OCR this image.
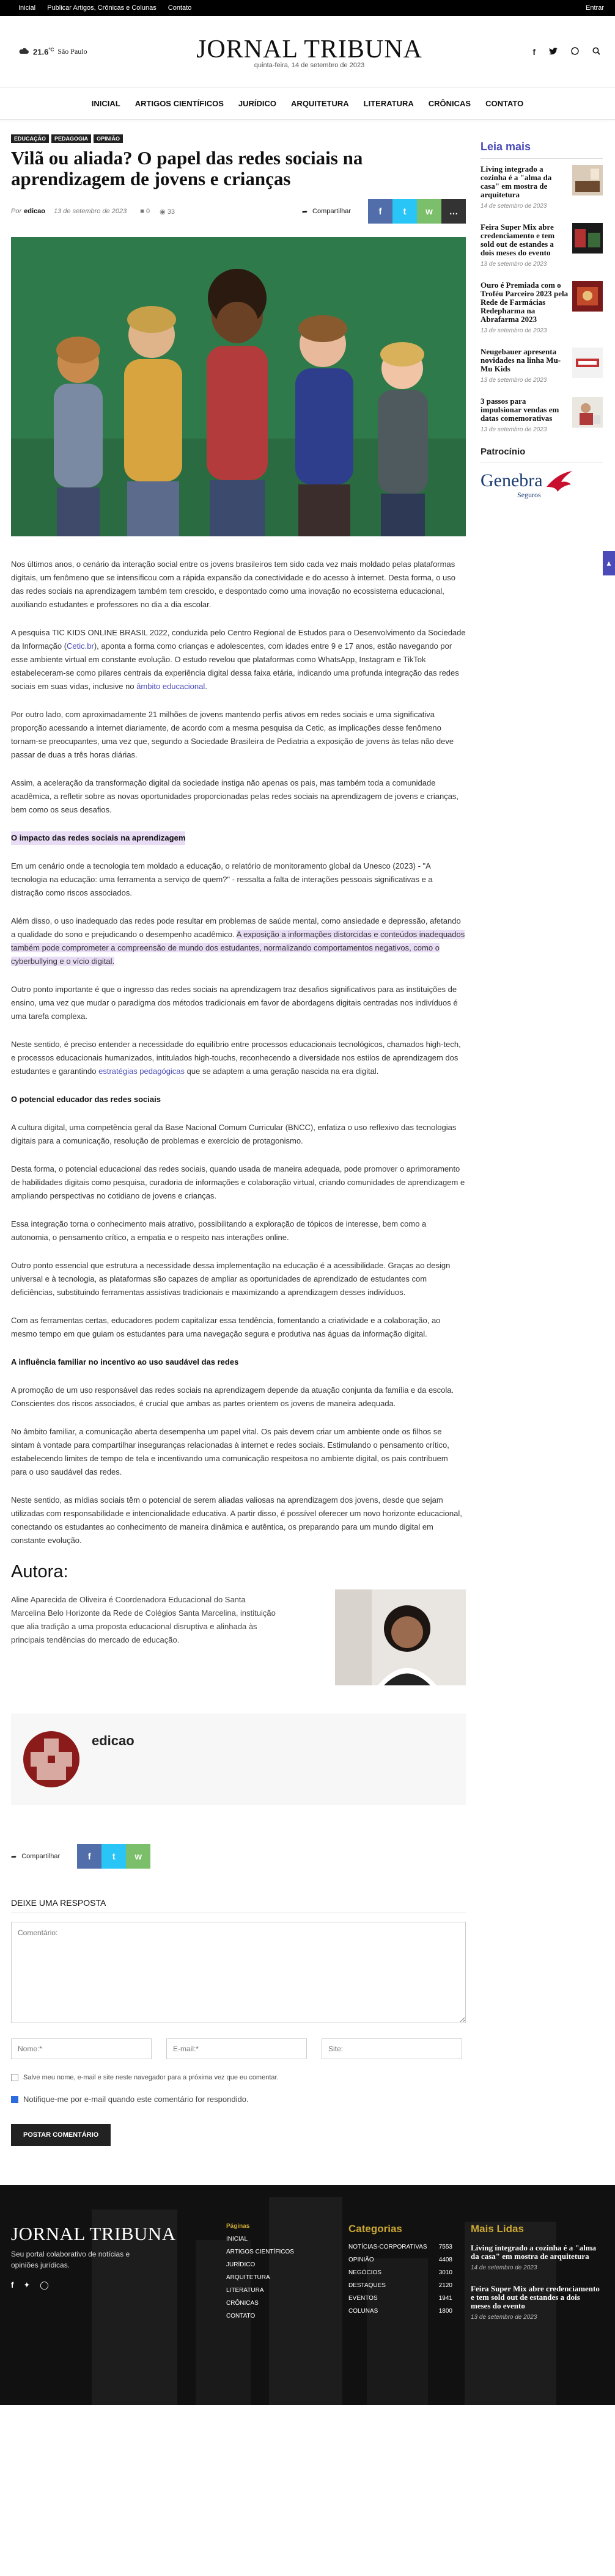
Inicial Publicar Artigos, Crônicas e Colunas Contato	Entrar
$21.6^{^\circ C}$ São Paulo	JORNAL TRIBUNA
quinta-feira, 14 de setembro de 2023
f
INICIAL	ARTIGOS CIENTÍFICOS	JURÍDICO	ARQUITETURA	LITERATURA	CRÔNICAS	CONTATO
▲
EDUCAÇÃO	PEDAGOGIA	OPINIÃO
Vilã ou aliada? O papel das redes sociais na aprendizagem de jovens e crianças
Por edicao 13 de setembro de 2023 ■ 0 ◉ 33	➦ Compartilhar	f	t	w	…

Nos últimos anos, o cenário da interação social entre os jovens brasileiros tem sido cada vez mais moldado pelas plataformas digitais, um fenômeno que se intensificou com a rápida expansão da conectividade e do acesso à internet. Desta forma, o uso das redes sociais na aprendizagem também tem crescido, e despontado como uma inovação no ecossistema educacional, auxiliando estudantes e professores no dia a dia escolar.

A pesquisa TIC KIDS ONLINE BRASIL 2022, conduzida pelo Centro Regional de Estudos para o Desenvolvimento da Sociedade da Informação (Cetic.br), aponta a forma como crianças e adolescentes, com idades entre 9 e 17 anos, estão navegando por esse ambiente virtual em constante evolução. O estudo revelou que plataformas como WhatsApp, Instagram e TikTok estabeleceram-se como pilares centrais da experiência digital dessa faixa etária, indicando uma profunda integração das redes sociais em suas vidas, inclusive no âmbito educacional.

Por outro lado, com aproximadamente 21 milhões de jovens mantendo perfis ativos em redes sociais e uma significativa proporção acessando a internet diariamente, de acordo com a mesma pesquisa da Cetic, as implicações desse fenômeno tornam-se preocupantes, uma vez que, segundo a Sociedade Brasileira de Pediatria a exposição de jovens às telas não deve passar de duas a três horas diárias.

Assim, a aceleração da transformação digital da sociedade instiga não apenas os pais, mas também toda a comunidade acadêmica, a refletir sobre as novas oportunidades proporcionadas pelas redes sociais na aprendizagem de jovens e crianças, bem como os seus desafios.

O impacto das redes sociais na aprendizagem

Em um cenário onde a tecnologia tem moldado a educação, o relatório de monitoramento global da Unesco (2023) - "A tecnologia na educação: uma ferramenta a serviço de quem?" - ressalta a falta de interações pessoais significativas e a distração como riscos associados.

Além disso, o uso inadequado das redes pode resultar em problemas de saúde mental, como ansiedade e depressão, afetando a qualidade do sono e prejudicando o desempenho acadêmico. A exposição a informações distorcidas e conteúdos inadequados também pode comprometer a compreensão de mundo dos estudantes, normalizando comportamentos negativos, como o cyberbullying e o vício digital.

Outro ponto importante é que o ingresso das redes sociais na aprendizagem traz desafios significativos para as instituições de ensino, uma vez que mudar o paradigma dos métodos tradicionais em favor de abordagens digitais centradas nos indivíduos é uma tarefa complexa.

Neste sentido, é preciso entender a necessidade do equilíbrio entre processos educacionais tecnológicos, chamados high-tech, e processos educacionais humanizados, intitulados high-touchs, reconhecendo a diversidade nos estilos de aprendizagem dos estudantes e garantindo estratégias pedagógicas que se adaptem a uma geração nascida na era digital.

O potencial educador das redes sociais

A cultura digital, uma competência geral da Base Nacional Comum Curricular (BNCC), enfatiza o uso reflexivo das tecnologias digitais para a comunicação, resolução de problemas e exercício de protagonismo.

Desta forma, o potencial educacional das redes sociais, quando usada de maneira adequada, pode promover o aprimoramento de habilidades digitais como pesquisa, curadoria de informações e colaboração virtual, criando comunidades de aprendizagem e ampliando perspectivas no cotidiano de jovens e crianças.

Essa integração torna o conhecimento mais atrativo, possibilitando a exploração de tópicos de interesse, bem como a autonomia, o pensamento crítico, a empatia e o respeito nas interações online.

Outro ponto essencial que estrutura a necessidade dessa implementação na educação é a acessibilidade. Graças ao design universal e à tecnologia, as plataformas são capazes de ampliar as oportunidades de aprendizado de estudantes com deficiências, substituindo ferramentas assistivas tradicionais e maximizando a aprendizagem desses indivíduos.

Com as ferramentas certas, educadores podem capitalizar essa tendência, fomentando a criatividade e a colaboração, ao mesmo tempo em que guiam os estudantes para uma navegação segura e produtiva nas águas da informação digital.

A influência familiar no incentivo ao uso saudável das redes

A promoção de um uso responsável das redes sociais na aprendizagem depende da atuação conjunta da família e da escola. Conscientes dos riscos associados, é crucial que ambas as partes orientem os jovens de maneira adequada.

No âmbito familiar, a comunicação aberta desempenha um papel vital. Os pais devem criar um ambiente onde os filhos se sintam à vontade para compartilhar inseguranças relacionadas à internet e redes sociais. Estimulando o pensamento crítico, estabelecendo limites de tempo de tela e incentivando uma comunicação respeitosa no ambiente digital, os pais contribuem para o uso saudável das redes.

Neste sentido, as mídias sociais têm o potencial de serem aliadas valiosas na aprendizagem dos jovens, desde que sejam utilizadas com responsabilidade e intencionalidade educativa. A partir disso, é possível oferecer um novo horizonte educacional, conectando os estudantes ao conhecimento de maneira dinâmica e autêntica, os preparando para um mundo digital em constante evolução.

Autora:
Aline Aparecida de Oliveira é Coordenadora Educacional do Santa Marcelina Belo Horizonte da Rede de Colégios Santa Marcelina, instituição que alia tradição a uma proposta educacional disruptiva e alinhada às principais tendências do mercado de educação.
edicao
➦ Compartilhar	f	t	w
DEIXE UMA RESPOSTA
Comentário:
Nome:*
E-mail:*
Site:
Salve meu nome, e-mail e site neste navegador para a próxima vez que eu comentar.
Notifique-me por e-mail quando este comentário for respondido.
POSTAR COMENTÁRIO
Leia mais
Living integrado a cozinha é a "alma da casa" em mostra de arquitetura
14 de setembro de 2023
Feira Super Mix abre credenciamento e tem sold out de estandes a dois meses do evento
13 de setembro de 2023
Ouro é Premiada com o Troféu Parceiro 2023 pela Rede de Farmácias Redepharma na Abrafarma 2023
13 de setembro de 2023
Neugebauer apresenta novidades na linha Mu-Mu Kids
13 de setembro de 2023
3 passos para impulsionar vendas em datas comemorativas
13 de setembro de 2023
Patrocínio
Genebra
Seguros
JORNAL TRIBUNA
Seu portal colaborativo de notícias e opiniões jurídicas.
f ✦ ◯
Páginas
INICIAL
ARTIGOS CIENTÍFICOS
JURÍDICO
ARQUITETURA
LITERATURA
CRÔNICAS
CONTATO
Categorias
NOTÍCIAS-CORPORATIVAS 7553
OPINIÃO	4408
NEGÓCIOS	3010
DESTAQUES	2120
EVENTOS	1941
COLUNAS	1800
Mais Lidas
Living integrado a cozinha é a "alma da casa" em mostra de arquitetura
14 de setembro de 2023
Feira Super Mix abre credenciamento e tem sold out de estandes a dois meses do evento
13 de setembro de 2023
